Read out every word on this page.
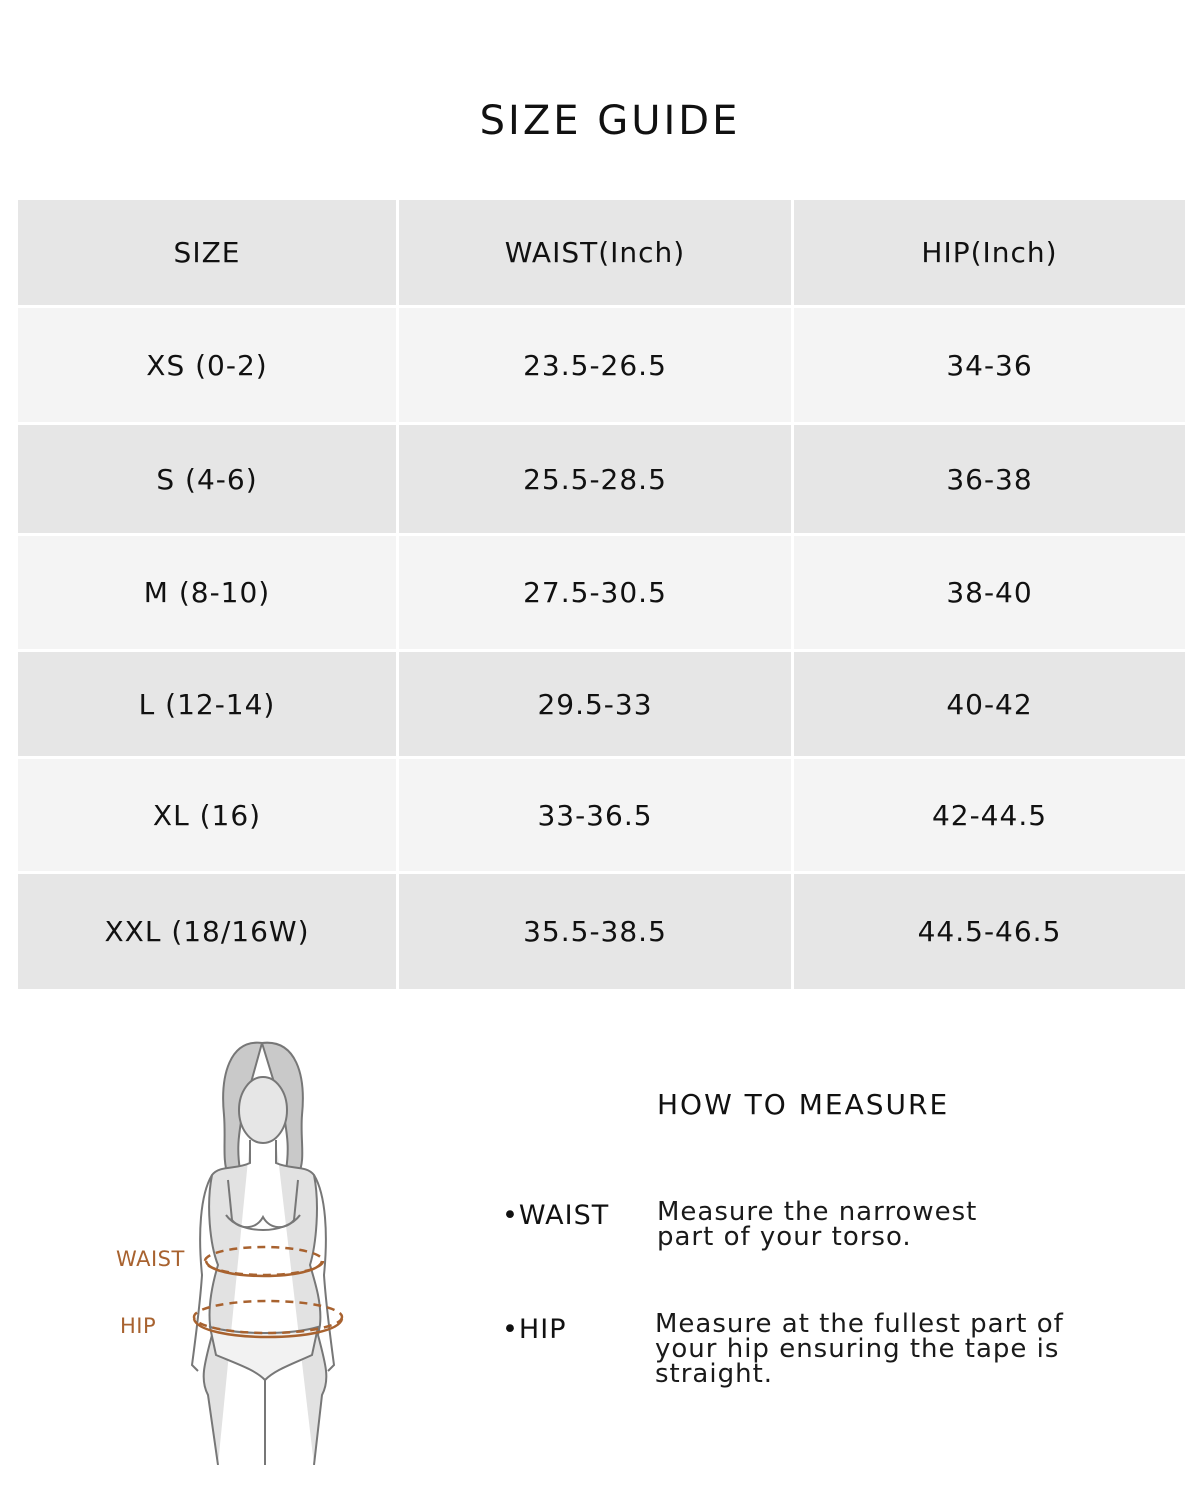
SIZE GUIDE
SIZE	WAIST(Inch)	HIP(Inch)
XS (0-2)	23.5-26.5	34-36
S (4-6)	25.5-28.5	36-38
M (8-10)	27.5-30.5	38-40
L (12-14)	29.5-33	40-42
XL (16)	33-36.5	42-44.5
XXL (18/16W)	35.5-38.5	44.5-46.5
WAIST
HIP
HOW TO MEASURE
•WAIST Measure the narrowest
part of your torso.
•HIP	Measure at the fullest part of
your hip ensuring the tape is
straight.
